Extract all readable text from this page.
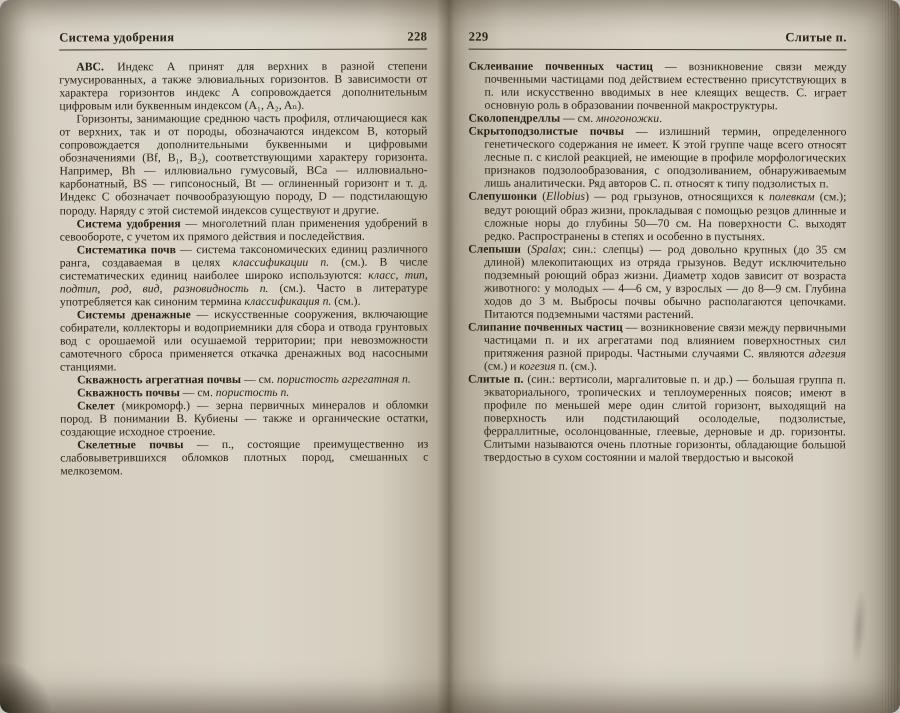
Система удобрения	228

АВС. Индекс А принят для верхних в разной степени гумусированных, а также элювиальных горизонтов. В зависимости от характера горизонтов индекс А сопровождается дополнительным цифровым или буквенным индексом (A₁, A₂, Aₙ).

Горизонты, занимающие среднюю часть профиля, отличающиеся как от верхних, так и от породы, обозначаются индексом В, который сопровождается дополнительными буквенными и цифровыми обозначениями (Bf, B₁, B₂), соответствующими характеру горизонта. Например, Bh — иллювиально гумусовый, BCa — иллювиально-карбонатный, BS — гипсоносный, Bt — оглиненный горизонт и т. д. Индекс С обозначает почвообразующую породу, D — подстилающую породу. Наряду с этой системой индексов существуют и другие.

Система удобрения — многолетний план применения удобрений в севообороте, с учетом их прямого действия и последействия.

Систематика почв — система таксономических единиц различного ранга, создаваемая в целях классификации п. (см.). В числе систематических единиц наиболее широко используются: класс, тип, подтип, род, вид, разновидность п. (см.). Часто в литературе употребляется как синоним термина классификация п. (см.).

Системы дренажные — искусственные сооружения, включающие собиратели, коллекторы и водоприемники для сбора и отвода грунтовых вод с орошаемой или осушаемой территории; при невозможности самотечного сброса применяется откачка дренажных вод насосными станциями.

Скважность агрегатная почвы — см. пористость агрегатная п.

Скважность почвы — см. пористость п.

Скелет (микроморф.) — зерна первичных минералов и обломки пород. В понимании В. Кубиены — также и органические остатки, создающие исходное строение.

Скелетные почвы — п., состоящие преимущественно из слабовыветрившихся обломков плотных пород, смешанных с мелкоземом.

229	Слитые п.

Склеивание почвенных частиц — возникновение связи между почвенными частицами под действием естественно присутствующих в п. или искусственно вводимых в нее клеящих веществ. С. играет основную роль в образовании почвенной макроструктуры.

Сколопендреллы — см. многоножки.

Скрытоподзолистые почвы — излишний термин, определенного генетического содержания не имеет. К этой группе чаще всего относят лесные п. с кислой реакцией, не имеющие в профиле морфологических признаков подзолообразования, с оподзоливанием, обнаруживаемым лишь аналитически. Ряд авторов С. п. относят к типу подзолистых п.

Слепушонки (Ellobius) — род грызунов, относящихся к полевкам (см.); ведут роющий образ жизни, прокладывая с помощью резцов длинные и сложные норы до глубины 50—70 см. На поверхности С. выходят редко. Распространены в степях и особенно в пустынях.

Слепыши (Spalax; син.: слепцы) — род довольно крупных (до 35 см длиной) млекопитающих из отряда грызунов. Ведут исключительно подземный роющий образ жизни. Диаметр ходов зависит от возраста животного: у молодых — 4—6 см, у взрослых — до 8—9 см. Глубина ходов до 3 м. Выбросы почвы обычно располагаются цепочками. Питаются подземными частями растений.

Слипание почвенных частиц — возникновение связи между первичными частицами п. и их агрегатами под влиянием поверхностных сил притяжения разной природы. Частными случаями С. являются адгезия (см.) и когезия п. (см.).

Слитые п. (син.: вертисоли, маргалитовые п. и др.) — большая группа п. экваториального, тропических и теплоумеренных поясов; имеют в профиле по меньшей мере один слитой горизонт, выходящий на поверхность или подстилающий осолоделые, подзолистые, ферраллитные, осолонцованные, глеевые, дерновые и др. горизонты. Слитыми называются очень плотные горизонты, обладающие большой твердостью в сухом состоянии и малой твердостью и высокой
